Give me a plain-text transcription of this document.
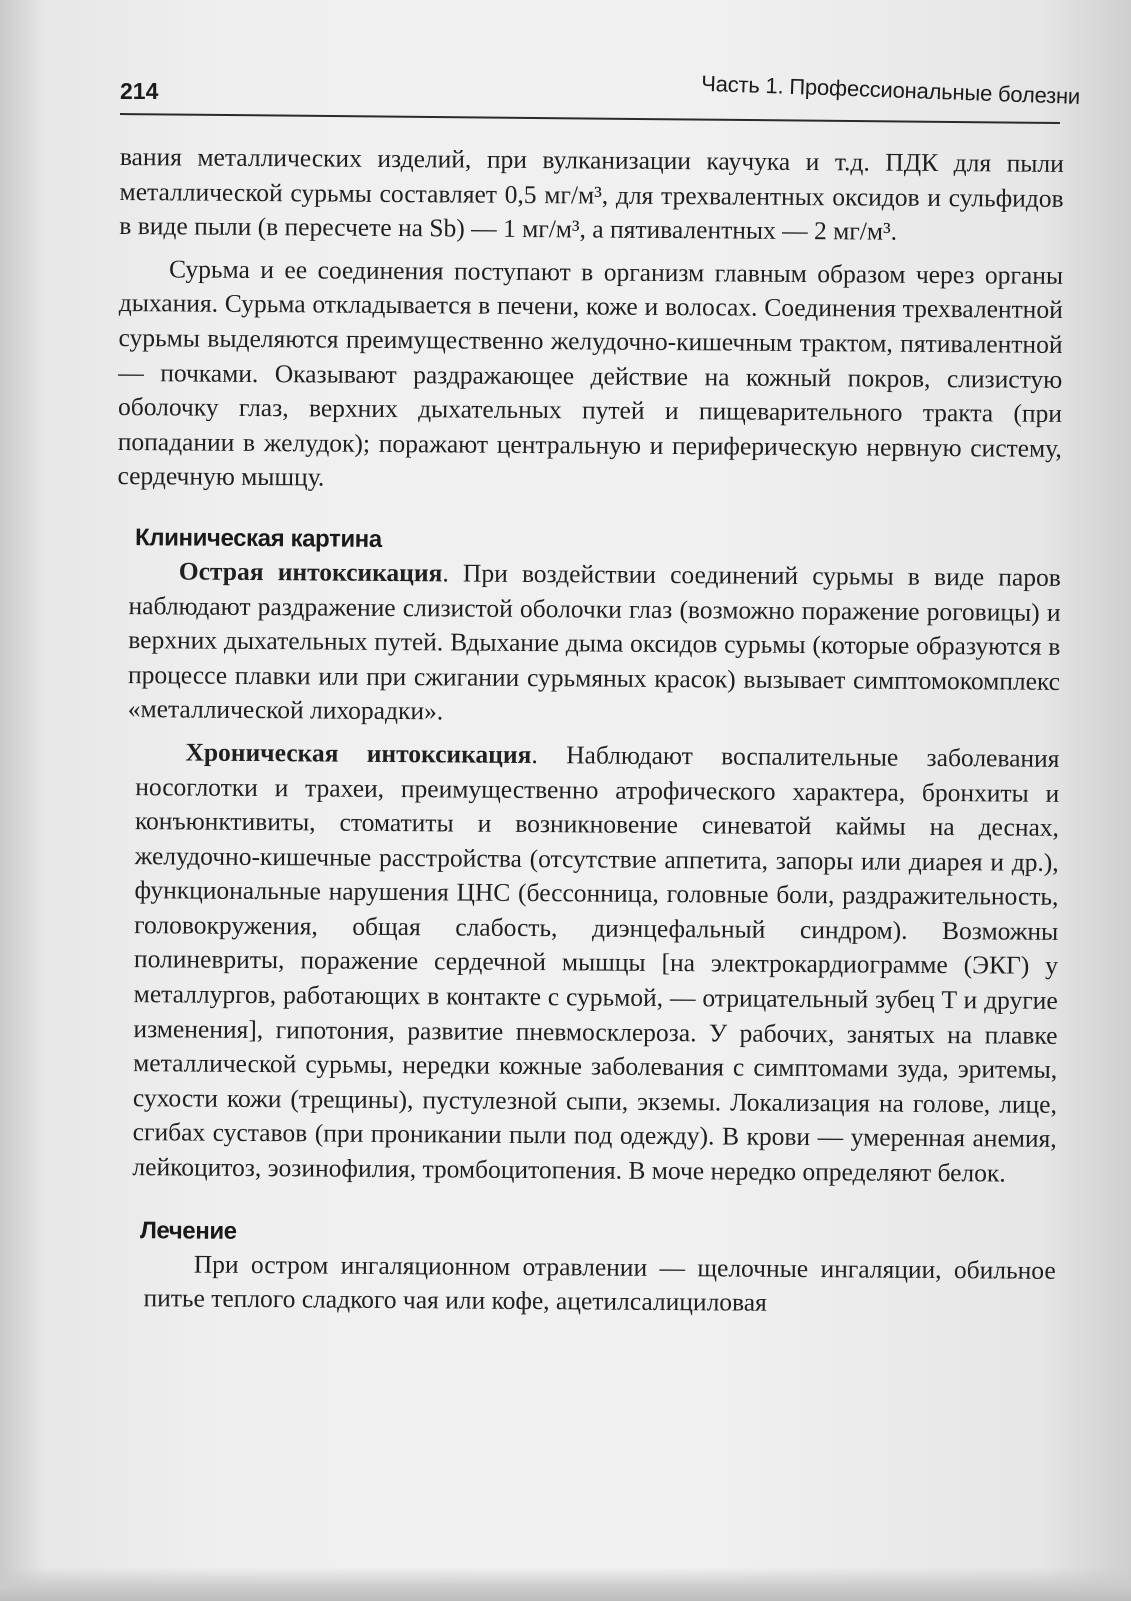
214	Часть 1. Профессиональные болезни

вания металлических изделий, при вулканизации каучука и т.д. ПДК для пыли металлической сурьмы составляет 0,5 мг/м³, для трехвалентных оксидов и сульфидов в виде пыли (в пересчете на Sb) — 1 мг/м³, а пятивалентных — 2 мг/м³.

Сурьма и ее соединения поступают в организм главным образом через органы дыхания. Сурьма откладывается в печени, коже и волосах. Соединения трехвалентной сурьмы выделяются преимущественно желудочно-кишечным трактом, пятивалентной — почками. Оказывают раздражающее действие на кожный покров, слизистую оболочку глаз, верхних дыхательных путей и пищеварительного тракта (при попадании в желудок); поражают центральную и периферическую нервную систему, сердечную мышцу.

Клиническая картина

Острая интоксикация. При воздействии соединений сурьмы в виде паров наблюдают раздражение слизистой оболочки глаз (возможно поражение роговицы) и верхних дыхательных путей. Вдыхание дыма оксидов сурьмы (которые образуются в процессе плавки или при сжигании сурьмяных красок) вызывает симптомокомплекс «металлической лихорадки».

Хроническая интоксикация. Наблюдают воспалительные заболевания носоглотки и трахеи, преимущественно атрофического характера, бронхиты и конъюнктивиты, стоматиты и возникновение синеватой каймы на деснах, желудочно-кишечные расстройства (отсутствие аппетита, запоры или диарея и др.), функциональные нарушения ЦНС (бессонница, головные боли, раздражительность, головокружения, общая слабость, диэнцефальный синдром). Возможны полиневриты, поражение сердечной мышцы [на электрокардиограмме (ЭКГ) у металлургов, работающих в контакте с сурьмой, — отрицательный зубец T и другие изменения], гипотония, развитие пневмосклероза. У рабочих, занятых на плавке металлической сурьмы, нередки кожные заболевания с симптомами зуда, эритемы, сухости кожи (трещины), пустулезной сыпи, экземы. Локализация на голове, лице, сгибах суставов (при проникании пыли под одежду). В крови — умеренная анемия, лейкоцитоз, эозинофилия, тромбоцитопения. В моче нередко определяют белок.

Лечение

При остром ингаляционном отравлении — щелочные ингаляции, обильное питье теплого сладкого чая или кофе, ацетилсалициловая
